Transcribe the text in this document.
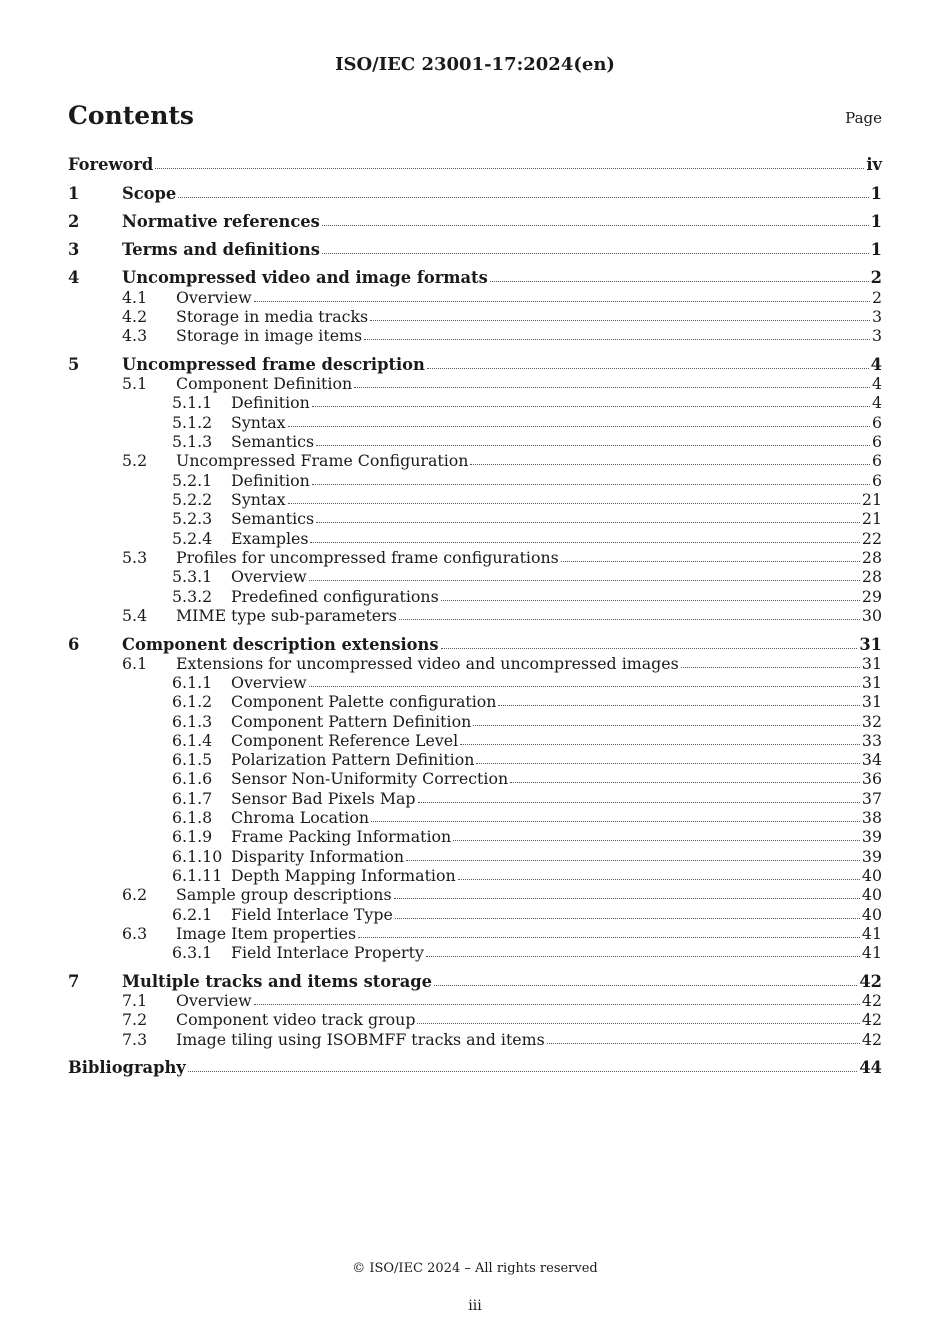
ISO/IEC 23001-17:2024(en)
Contents	Page
Foreword	iv
1	Scope	1
2	Normative references	1
3	Terms and definitions	1
4	Uncompressed video and image formats	2
4.1 Overview	2
4.2 Storage in media tracks	3
4.3 Storage in image items	3
5	Uncompressed frame description	4
5.1 Component Definition	4
5.1.1 Definition	4
5.1.2 Syntax	6
5.1.3 Semantics	6
5.2 Uncompressed Frame Configuration	6
5.2.1 Definition	6
5.2.2 Syntax	21
5.2.3 Semantics	21
5.2.4 Examples	22
5.3 Profiles for uncompressed frame configurations	28
5.3.1 Overview	28
5.3.2 Predefined configurations	29
5.4 MIME type sub-parameters	30
6	Component description extensions	31
6.1 Extensions for uncompressed video and uncompressed images	31
6.1.1 Overview	31
6.1.2 Component Palette configuration	31
6.1.3 Component Pattern Definition	32
6.1.4 Component Reference Level	33
6.1.5 Polarization Pattern Definition	34
6.1.6 Sensor Non-Uniformity Correction	36
6.1.7 Sensor Bad Pixels Map	37
6.1.8 Chroma Location	38
6.1.9 Frame Packing Information	39
6.1.10 Disparity Information	39
6.1.11 Depth Mapping Information	40
6.2 Sample group descriptions	40
6.2.1 Field Interlace Type	40
6.3 Image Item properties	41
6.3.1 Field Interlace Property	41
7	Multiple tracks and items storage	42
7.1 Overview	42
7.2 Component video track group	42
7.3 Image tiling using ISOBMFF tracks and items	42
Bibliography	44
© ISO/IEC 2024 – All rights reserved
iii
